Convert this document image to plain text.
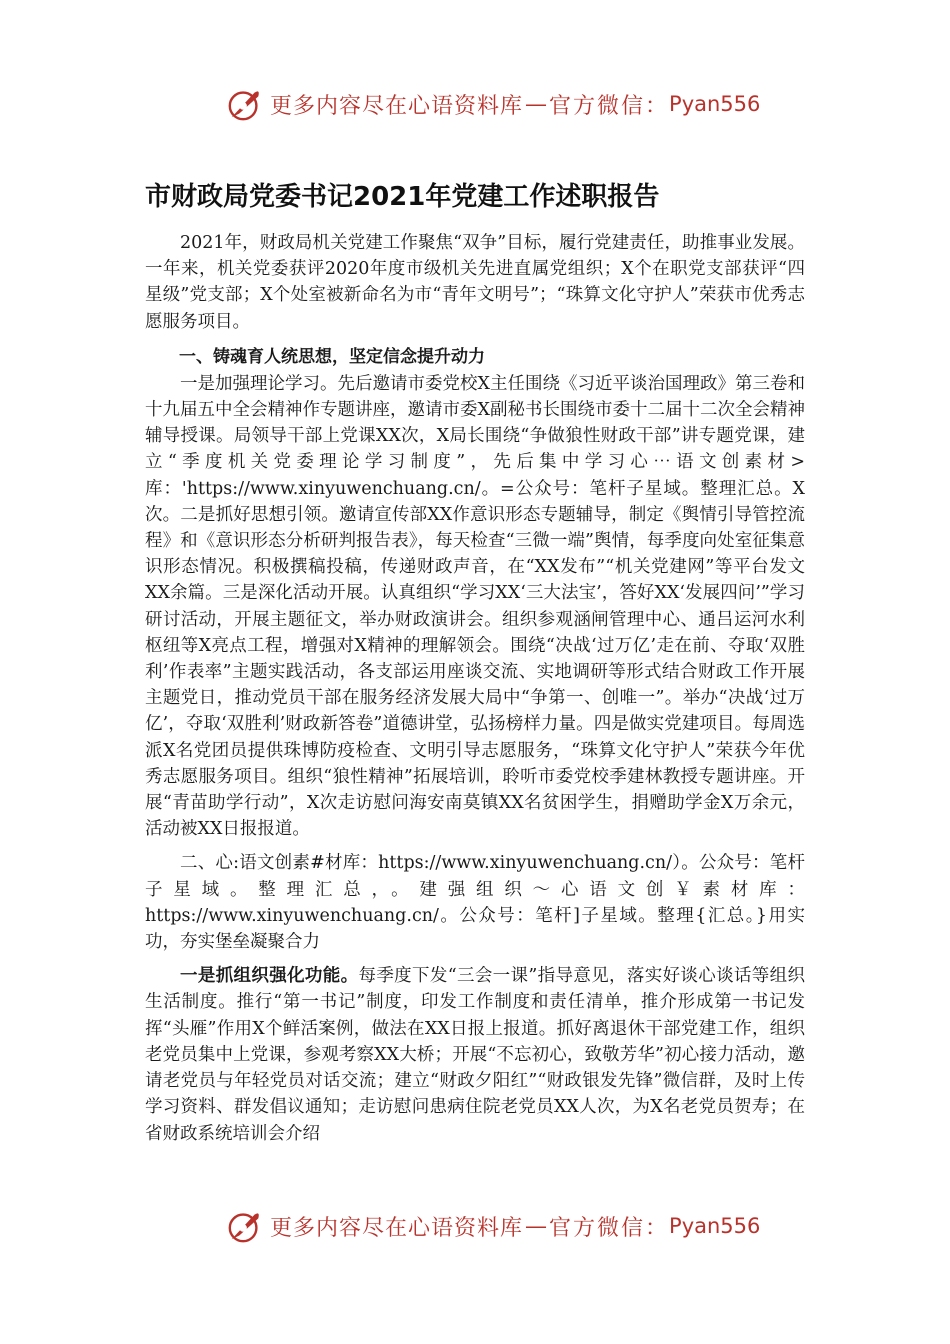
更多内容尽在心语资料库 — 官方微信： Pyan556
市财政局党委书记2021年党建工作述职报告

2021年，财政局机关党建工作聚焦“双争”目标，履行党建责任，助推事业发展。一年来，机关党委获评2020年度市级机关先进直属党组织；X个在职党支部获评“四星级”党支部；X个处室被新命名为市“青年文明号”；“珠算文化守护人”荣获市优秀志愿服务项目。

一、铸魂育人统思想，坚定信念提升动力

一是加强理论学习。先后邀请市委党校X主任围绕《习近平谈治国理政》第三卷和十九届五中全会精神作专题讲座，邀请市委X副秘书长围绕市委十二届十二次全会精神辅导授课。局领导干部上党课XX次，X局长围绕“争做狼性财政干部”讲专题党课，建立“季度机关党委理论学习制度”，先后集中学习心⋯语文创素材>库：'https://www.xinyuwenchuang.cn/。=公众号：笔杆子星域。整理汇总。X次。二是抓好思想引领。邀请宣传部XX作意识形态专题辅导，制定《舆情引导管控流程》和《意识形态分析研判报告表》，每天检查“三微一端”舆情，每季度向处室征集意识形态情况。积极撰稿投稿，传递财政声音，在“XX发布”“机关党建网”等平台发文XX余篇。三是深化活动开展。认真组织“学习XX‘三大法宝’，答好XX‘发展四问’”学习研讨活动，开展主题征文，举办财政演讲会。组织参观涵闸管理中心、通吕运河水利枢纽等X亮点工程，增强对X精神的理解领会。围绕“决战‘过万亿’走在前、夺取‘双胜利’作表率”主题实践活动，各支部运用座谈交流、实地调研等形式结合财政工作开展主题党日，推动党员干部在服务经济发展大局中“争第一、创唯一”。举办“决战‘过万亿’，夺取‘双胜利’财政新答卷”道德讲堂，弘扬榜样力量。四是做实党建项目。每周选派X名党团员提供珠博防疫检查、文明引导志愿服务，“珠算文化守护人”荣获今年优秀志愿服务项目。组织“狼性精神”拓展培训，聆听市委党校季建林教授专题讲座。开展“青苗助学行动”，X次走访慰问海安南莫镇XX名贫困学生，捐赠助学金X万余元，活动被XX日报报道。

二、心:语文创素#材库：https://www.xinyuwenchuang.cn/）。公众号：笔杆子星域。整理汇总，。建强组织～心语文创￥素材库：https://www.xinyuwenchuang.cn/。公众号：笔杆]子星域。整理{汇总。}用实功，夯实堡垒凝聚合力

一是抓组织强化功能。每季度下发“三会一课”指导意见，落实好谈心谈话等组织生活制度。推行“第一书记”制度，印发工作制度和责任清单，推介形成第一书记发挥“头雁”作用X个鲜活案例，做法在XX日报上报道。抓好离退休干部党建工作，组织老党员集中上党课，参观考察XX大桥；开展“不忘初心，致敬芳华”初心接力活动，邀请老党员与年轻党员对话交流；建立“财政夕阳红”“财政银发先锋”微信群，及时上传学习资料、群发倡议通知；走访慰问患病住院老党员XX人次，为X名老党员贺寿；在省财政系统培训会介绍

更多内容尽在心语资料库 — 官方微信： Pyan556
